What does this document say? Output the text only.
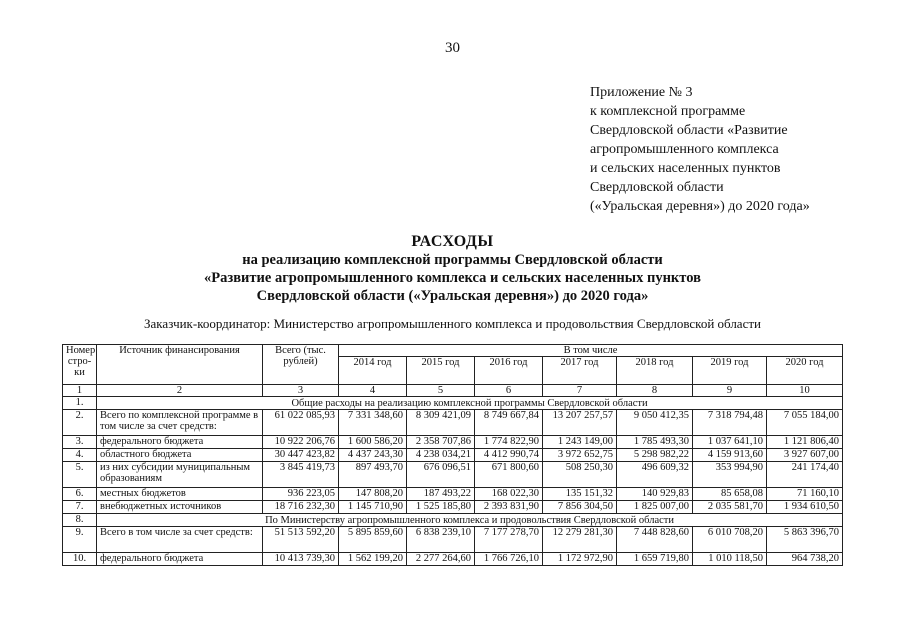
30
Приложение № 3
к комплексной программе
Свердловской области «Развитие
агропромышленного комплекса
и сельских населенных пунктов
Свердловской области
(«Уральская деревня») до 2020 года»
РАСХОДЫ
на реализацию комплексной программы Свердловской области
«Развитие агропромышленного комплекса и сельских населенных пунктов
Свердловской области («Уральская деревня») до 2020 года»
Заказчик-координатор: Министерство агропромышленного комплекса и продовольствия Свердловской области
Номер стро-ки	Источник финансирования	Всего (тыс. рублей)	В том числе						
			2014 год	2015 год	2016 год	2017 год	2018 год	2019 год	2020 год
1	2	3	4	5	6	7	8	9	10
1.	Общие расходы на реализацию комплексной программы Свердловской области								
2.	Всего по комплексной программе в том числе за счет средств:	61 022 085,93	7 331 348,60	8 309 421,09	8 749 667,84	13 207 257,57	9 050 412,35	7 318 794,48	7 055 184,00
3.	федерального бюджета	10 922 206,76	1 600 586,20	2 358 707,86	1 774 822,90	1 243 149,00	1 785 493,30	1 037 641,10	1 121 806,40
4.	областного бюджета	30 447 423,82	4 437 243,30	4 238 034,21	4 412 990,74	3 972 652,75	5 298 982,22	4 159 913,60	3 927 607,00
5.	из них субсидии муниципальным образованиям	3 845 419,73	897 493,70	676 096,51	671 800,60	508 250,30	496 609,32	353 994,90	241 174,40
6.	местных бюджетов	936 223,05	147 808,20	187 493,22	168 022,30	135 151,32	140 929,83	85 658,08	71 160,10
7.	внебюджетных источников	18 716 232,30	1 145 710,90	1 525 185,80	2 393 831,90	7 856 304,50	1 825 007,00	2 035 581,70	1 934 610,50
8.	По Министерству агропромышленного комплекса и продовольствия Свердловской области								
9.	Всего в том числе за счет средств:	51 513 592,20	5 895 859,60	6 838 239,10	7 177 278,70	12 279 281,30	7 448 828,60	6 010 708,20	5 863 396,70
10.	федерального бюджета	10 413 739,30	1 562 199,20	2 277 264,60	1 766 726,10	1 172 972,90	1 659 719,80	1 010 118,50	964 738,20
